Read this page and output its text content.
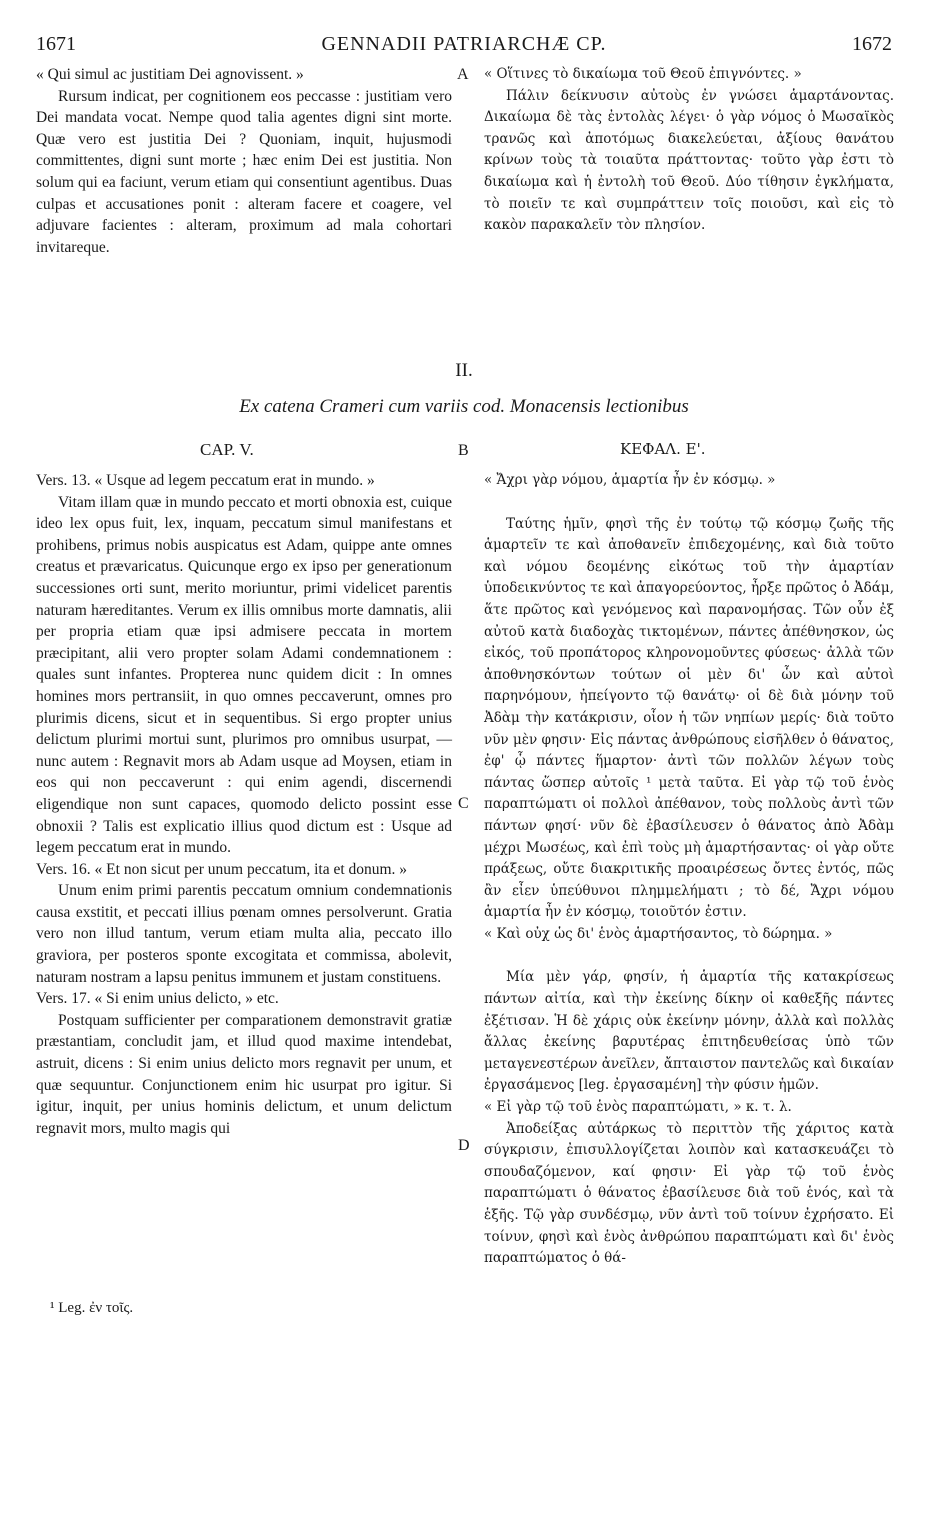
1671	GENNADII PATRIARCHÆ CP.	1672

« Qui simul ac justitiam Dei agnovissent. »

Rursum indicat, per cognitionem eos peccasse : justitiam vero Dei mandata vocat. Nempe quod talia agentes digni sint morte. Quæ vero est justitia Dei ? Quoniam, inquit, hujusmodi committentes, digni sunt morte ; hæc enim Dei est justitia. Non solum qui ea faciunt, verum etiam qui consentiunt agentibus. Duas culpas et accusationes ponit : alteram facere et coagere, vel adjuvare facientes : alteram, proximum ad mala cohortari invitareque.

« Οἵτινες τὸ δικαίωμα τοῦ Θεοῦ ἐπιγνόντες. »

Πάλιν δείκνυσιν αὐτοὺς ἐν γνώσει ἁμαρτάνοντας. Δικαίωμα δὲ τὰς ἐντολὰς λέγει· ὁ γὰρ νόμος ὁ Μωσαϊκὸς τρανῶς καὶ ἀποτόμως διακελεύεται, ἀξίους θανάτου κρίνων τοὺς τὰ τοιαῦτα πράττοντας· τοῦτο γὰρ ἐστι τὸ δικαίωμα καὶ ἡ ἐντολὴ τοῦ Θεοῦ. Δύο τίθησιν ἐγκλήματα, τὸ ποιεῖν τε καὶ συμπράττειν τοῖς ποιοῦσι, καὶ εἰς τὸ κακὸν παρακαλεῖν τὸν πλησίον.

A
II.
Ex catena Crameri cum variis cod. Monacensis lectionibus
CAP. V.	B	ΚΕΦΑΛ. Ε'.

Vers. 13. « Usque ad legem peccatum erat in mundo. »

Vitam illam quæ in mundo peccato et morti obnoxia est, cuique ideo lex opus fuit, lex, inquam, peccatum simul manifestans et prohibens, primus nobis auspicatus est Adam, quippe ante omnes creatus et prævaricatus. Quicunque ergo ex ipso per generationum successiones orti sunt, merito moriuntur, primi videlicet parentis naturam hæreditantes. Verum ex illis omnibus morte damnatis, alii per propria etiam quæ ipsi admisere peccata in mortem præcipitant, alii vero propter solam Adami condemnationem : quales sunt infantes. Propterea nunc quidem dicit : In omnes homines mors pertransiit, in quo omnes peccaverunt, omnes pro plurimis dicens, sicut et in sequentibus. Si ergo propter unius delictum plurimi mortui sunt, plurimos pro omnibus usurpat, — nunc autem : Regnavit mors ab Adam usque ad Moysen, etiam in eos qui non peccaverunt : qui enim agendi, discernendi eligendique non sunt capaces, quomodo delicto possint esse obnoxii ? Talis est explicatio illius quod dictum est : Usque ad legem peccatum erat in mundo.

Vers. 16. « Et non sicut per unum peccatum, ita et donum. »

Unum enim primi parentis peccatum omnium condemnationis causa exstitit, et peccati illius pœnam omnes persolverunt. Gratia vero non illud tantum, verum etiam multa alia, peccato illo graviora, per posteros sponte excogitata et commissa, abolevit, naturam nostram a lapsu penitus immunem et justam constituens.

Vers. 17. « Si enim unius delicto, » etc.

Postquam sufficienter per comparationem demonstravit gratiæ præstantiam, concludit jam, et illud quod maxime intendebat, astruit, dicens : Si enim unius delicto mors regnavit per unum, et quæ sequuntur. Conjunctionem enim hic usurpat pro igitur. Si igitur, inquit, per unius hominis delictum, et unum delictum regnavit mors, multo magis qui

« Ἄχρι γὰρ νόμου, ἁμαρτία ἦν ἐν κόσμῳ. »

Ταύτης ἡμῖν, φησὶ τῆς ἐν τούτῳ τῷ κόσμῳ ζωῆς τῆς ἁμαρτεῖν τε καὶ ἀποθανεῖν ἐπιδεχομένης, καὶ διὰ τοῦτο καὶ νόμου δεομένης εἰκότως τοῦ τὴν ἁμαρτίαν ὑποδεικνύντος τε καὶ ἀπαγορεύοντος, ἦρξε πρῶτος ὁ Ἀδάμ, ἅτε πρῶτος καὶ γενόμενος καὶ παρανομήσας. Τῶν οὖν ἐξ αὐτοῦ κατὰ διαδοχὰς τικτομένων, πάντες ἀπέθνησκον, ὡς εἰκός, τοῦ προπάτορος κληρονομοῦντες φύσεως· ἀλλὰ τῶν ἀποθνησκόντων τούτων οἱ μὲν δι' ὧν καὶ αὐτοὶ παρηνόμουν, ἠπείγοντο τῷ θανάτῳ· οἱ δὲ διὰ μόνην τοῦ Ἀδὰμ τὴν κατάκρισιν, οἷον ἡ τῶν νηπίων μερίς· διὰ τοῦτο νῦν μὲν φησιν· Εἰς πάντας ἀνθρώπους εἰσῆλθεν ὁ θάνατος, ἐφ' ᾧ πάντες ἥμαρτον· ἀντὶ τῶν πολλῶν λέγων τοὺς πάντας ὥσπερ αὐτοῖς ¹ μετὰ ταῦτα. Εἰ γὰρ τῷ τοῦ ἑνὸς παραπτώματι οἱ πολλοὶ ἀπέθανον, τοὺς πολλοὺς ἀντὶ τῶν πάντων φησί· νῦν δὲ ἐβασίλευσεν ὁ θάνατος ἀπὸ Ἀδὰμ μέχρι Μωσέως, καὶ ἐπὶ τοὺς μὴ ἁμαρτήσαντας· οἱ γὰρ οὔτε πράξεως, οὔτε διακριτικῆς προαιρέσεως ὄντες ἐντός, πῶς ἂν εἶεν ὑπεύθυνοι πλημμελήματι ; τὸ δέ, Ἄχρι νόμου ἁμαρτία ἦν ἐν κόσμῳ, τοιοῦτόν ἐστιν.

« Καὶ οὐχ ὡς δι' ἑνὸς ἁμαρτήσαντος, τὸ δώρημα. »

Μία μὲν γάρ, φησίν, ἡ ἁμαρτία τῆς κατακρίσεως πάντων αἰτία, καὶ τὴν ἐκείνης δίκην οἱ καθεξῆς πάντες ἐξέτισαν. Ἡ δὲ χάρις οὐκ ἐκείνην μόνην, ἀλλὰ καὶ πολλὰς ἄλλας ἐκείνης βαρυτέρας ἐπιτηδευθείσας ὑπὸ τῶν μεταγενεστέρων ἀνεῖλεν, ἄπταιστον παντελῶς καὶ δικαίαν ἐργασάμενος [leg. ἐργασαμένη] τὴν φύσιν ἡμῶν.

« Εἰ γὰρ τῷ τοῦ ἑνὸς παραπτώματι, » κ. τ. λ.

Ἀποδείξας αὐτάρκως τὸ περιττὸν τῆς χάριτος κατὰ σύγκρισιν, ἐπισυλλογίζεται λοιπὸν καὶ κατασκευάζει τὸ σπουδαζόμενον, καί φησιν· Εἰ γὰρ τῷ τοῦ ἑνὸς παραπτώματι ὁ θάνατος ἐβασίλευσε διὰ τοῦ ἑνός, καὶ τὰ ἑξῆς. Τῷ γὰρ συνδέσμῳ, νῦν ἀντὶ τοῦ τοίνυν ἐχρήσατο. Εἰ τοίνυν, φησὶ καὶ ἑνὸς ἀνθρώπου παραπτώματι καὶ δι' ἑνὸς παραπτώματος ὁ θά-

C
D
¹ Leg. ἐν τοῖς.
